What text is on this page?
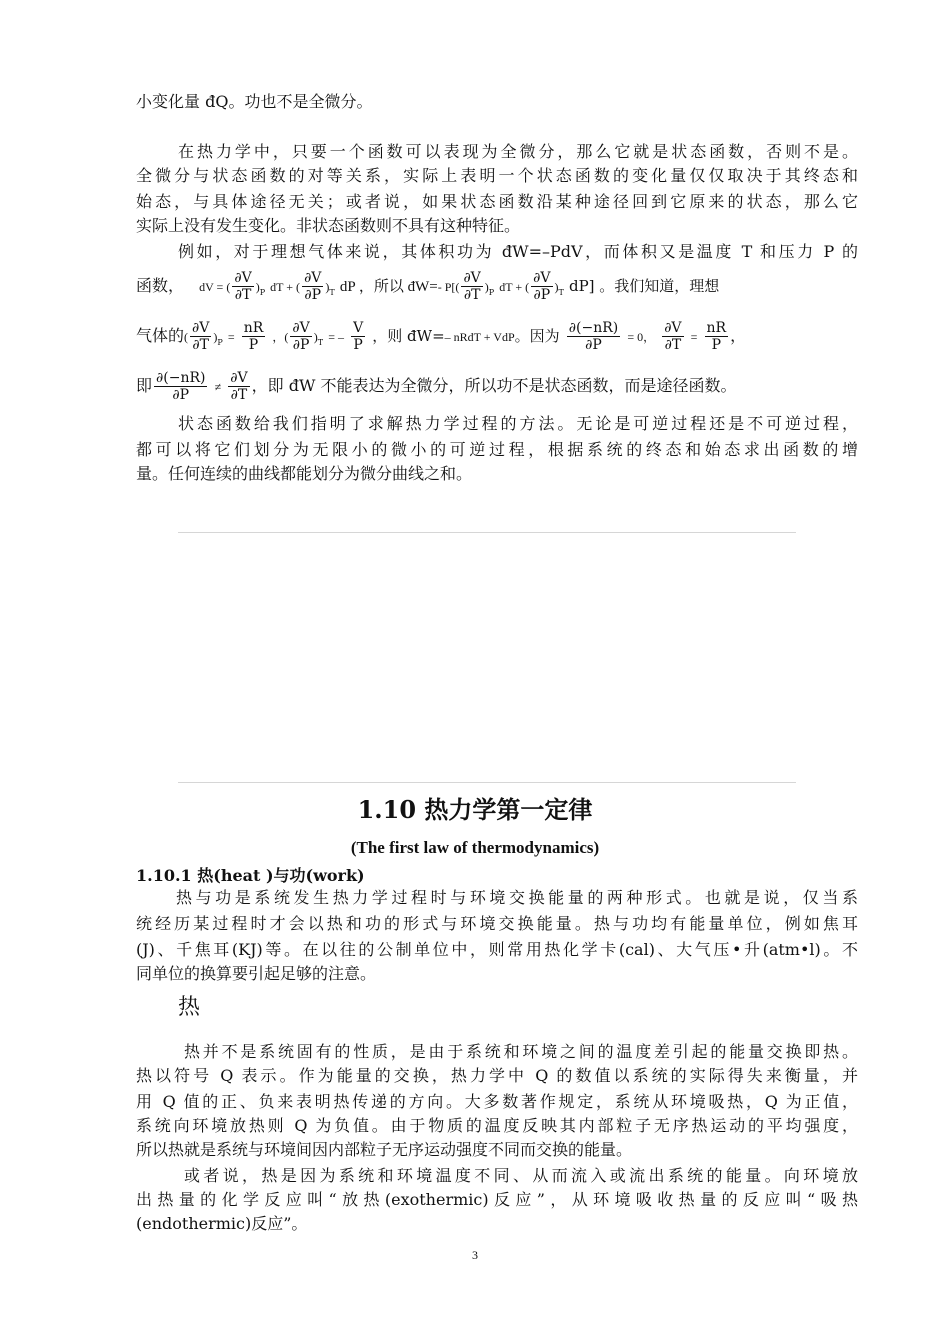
小变化量 đQ。功也不是全微分。
在热力学中，只要一个函数可以表现为全微分，那么它就是状态函数，否则不是。
全微分与状态函数的对等关系，实际上表明一个状态函数的变化量仅仅取决于其终态和
始态，与具体途径无关；或者说，如果状态函数沿某种途径回到它原来的状态，那么它
实际上没有发生变化。非状态函数则不具有这种特征。
例如，对于理想气体来说，其体积功为 đW=–PdV，而体积又是温度 T 和压力 P 的
函数， dV = ( $\frac{\partial V}{\partial T} )_P$ dT + ( $\frac{\partial V}{\partial P} )_T$ dP ，所以 đW=- $P[( \frac{\partial V}{\partial T} )_P$ dT + ( $\frac{\partial V}{\partial P} )_T$ dP] 。我们知道，理想
气体的( $\frac{\partial V}{\partial T} )_P = \frac{nR}{P}$ ，( $\frac{\partial V}{\partial P} )_T$ = – $\frac{V}{P}$ ，则 đW=– nRdT + VdP。因为 $\frac{\partial(-nR)}{\partial P} = 0$， $\frac{\partial V}{\partial T} = \frac{nR}{P}$ ，
即 $\frac{\partial(-nR)}{\partial P} \ne \frac{\partial V}{\partial T}$ ，即 đW 不能表达为全微分，所以功不是状态函数，而是途径函数。
状态函数给我们指明了求解热力学过程的方法。无论是可逆过程还是不可逆过程，
都可以将它们划分为无限小的微小的可逆过程，根据系统的终态和始态求出函数的增
量。任何连续的曲线都能划分为微分曲线之和。
1.10 热力学第一定律
(The first law of thermodynamics)
1.10.1 热(heat )与功(work)
热与功是系统发生热力学过程时与环境交换能量的两种形式。也就是说，仅当系
统经历某过程时才会以热和功的形式与环境交换能量。热与功均有能量单位，例如焦耳
(J)、千焦耳(KJ)等。在以往的公制单位中，则常用热化学卡(cal)、大气压•升(atm•l)。不
同单位的换算要引起足够的注意。
热
热并不是系统固有的性质，是由于系统和环境之间的温度差引起的能量交换即热。
热以符号 Q 表示。作为能量的交换，热力学中 Q 的数值以系统的实际得失来衡量，并
用 Q 值的正、负来表明热传递的方向。大多数著作规定，系统从环境吸热，Q 为正值，
系统向环境放热则 Q 为负值。由于物质的温度反映其内部粒子无序热运动的平均强度，
所以热就是系统与环境间因内部粒子无序运动强度不同而交换的能量。
或者说，热是因为系统和环境温度不同、从而流入或流出系统的能量。向环境放
出热量的化学反应叫“放热(exothermic)反应”，从环境吸收热量的反应叫“吸热
(endothermic)反应”。
3
